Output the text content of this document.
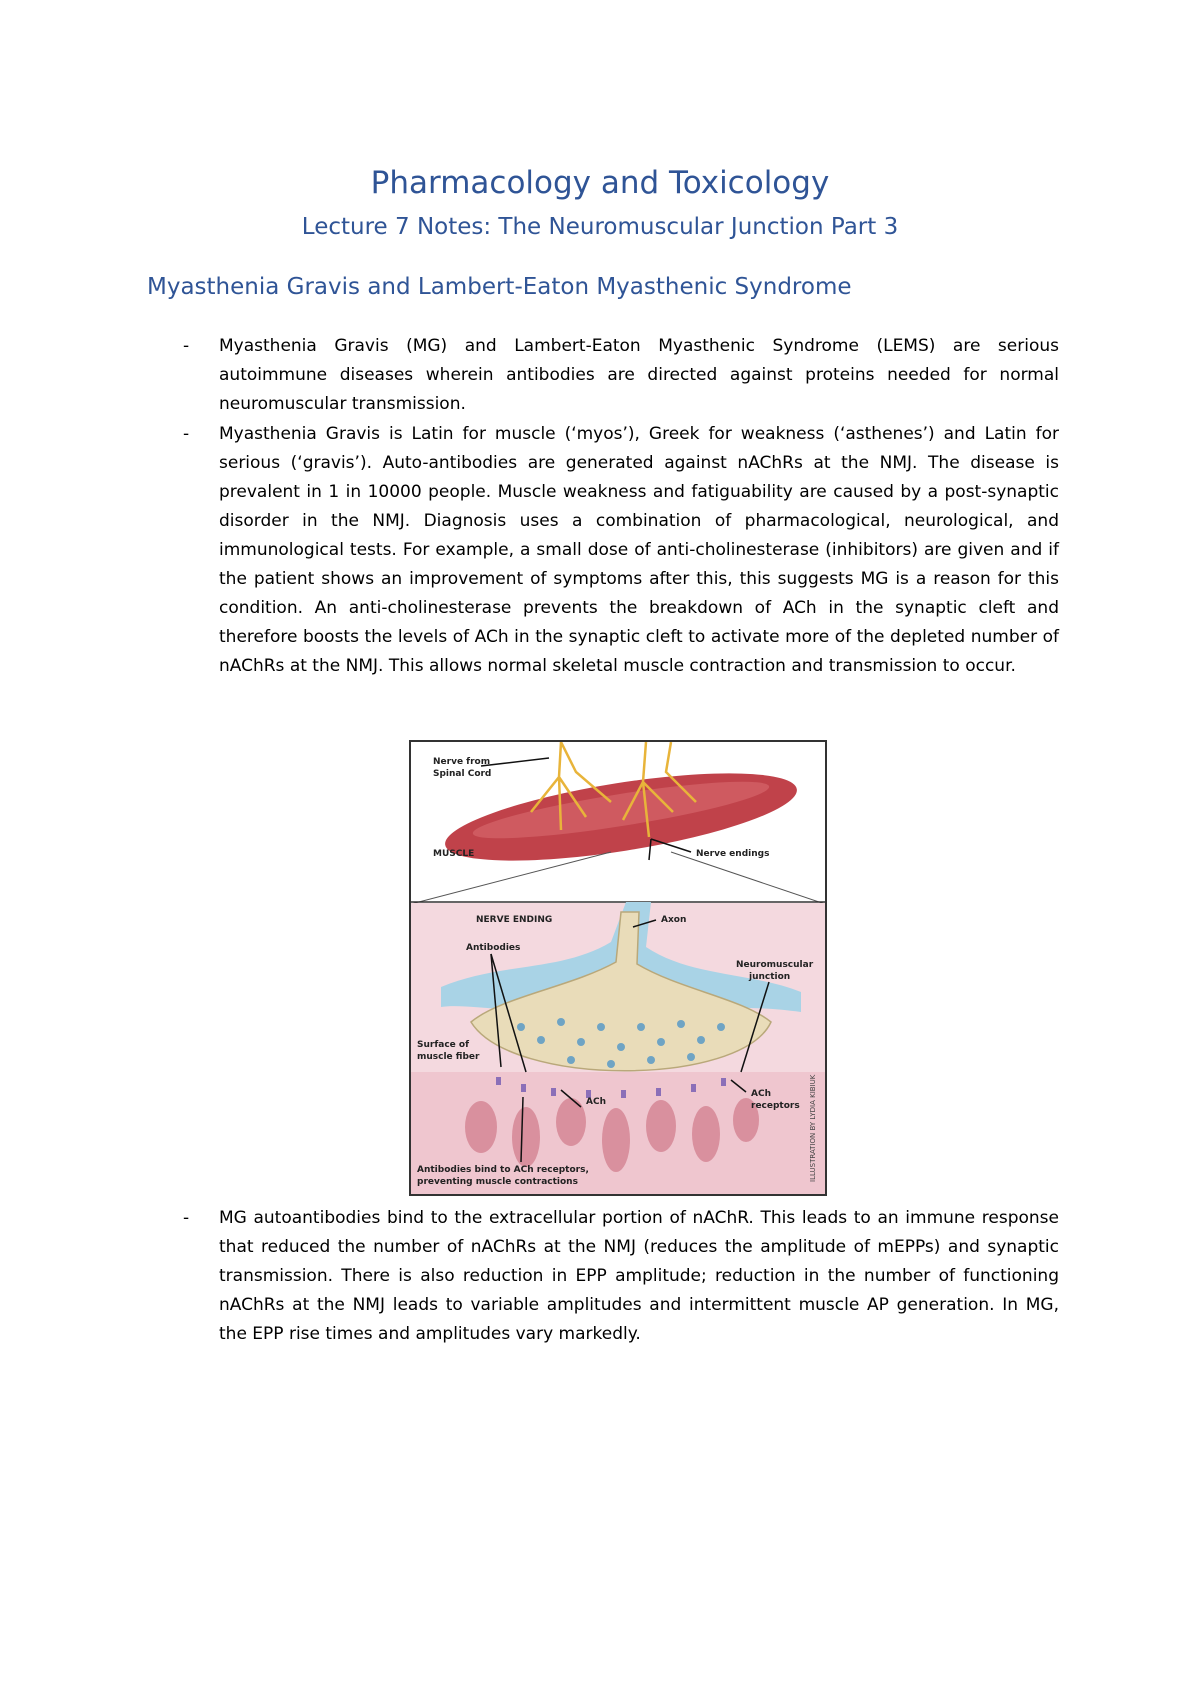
Pharmacology and Toxicology
Lecture 7 Notes: The Neuromuscular Junction Part 3
Myasthenia Gravis and Lambert-Eaton Myasthenic Syndrome
- Myasthenia Gravis (MG) and Lambert-Eaton Myasthenic Syndrome (LEMS) are serious autoimmune diseases wherein antibodies are directed against proteins needed for normal neuromuscular transmission.

- Myasthenia Gravis is Latin for muscle (‘myos’), Greek for weakness (‘asthenes’) and Latin for serious (‘gravis’). Auto-antibodies are generated against nAChRs at the NMJ. The disease is prevalent in 1 in 10000 people. Muscle weakness and fatiguability are caused by a post-synaptic disorder in the NMJ. Diagnosis uses a combination of pharmacological, neurological, and immunological tests. For example, a small dose of anti-cholinesterase (inhibitors) are given and if the patient shows an improvement of symptoms after this, this suggests MG is a reason for this condition. An anti-cholinesterase prevents the breakdown of ACh in the synaptic cleft and therefore boosts the levels of ACh in the synaptic cleft to activate more of the depleted number of nAChRs at the NMJ. This allows normal skeletal muscle contraction and transmission to occur.

Nerve from
Spinal Cord
MUSCLE	Nerve endings
NERVE ENDING	Axon
Antibodies
Neuromuscular
junction
Surface of
muscle fiber
ACh
ACh
receptors
Antibodies bind to ACh receptors,
preventing muscle contractions	ILLUSTRATION BY LYDIA KIBIUK
- MG autoantibodies bind to the extracellular portion of nAChR. This leads to an immune response that reduced the number of nAChRs at the NMJ (reduces the amplitude of mEPPs) and synaptic transmission. There is also reduction in EPP amplitude; reduction in the number of functioning nAChRs at the NMJ leads to variable amplitudes and intermittent muscle AP generation. In MG, the EPP rise times and amplitudes vary markedly.
